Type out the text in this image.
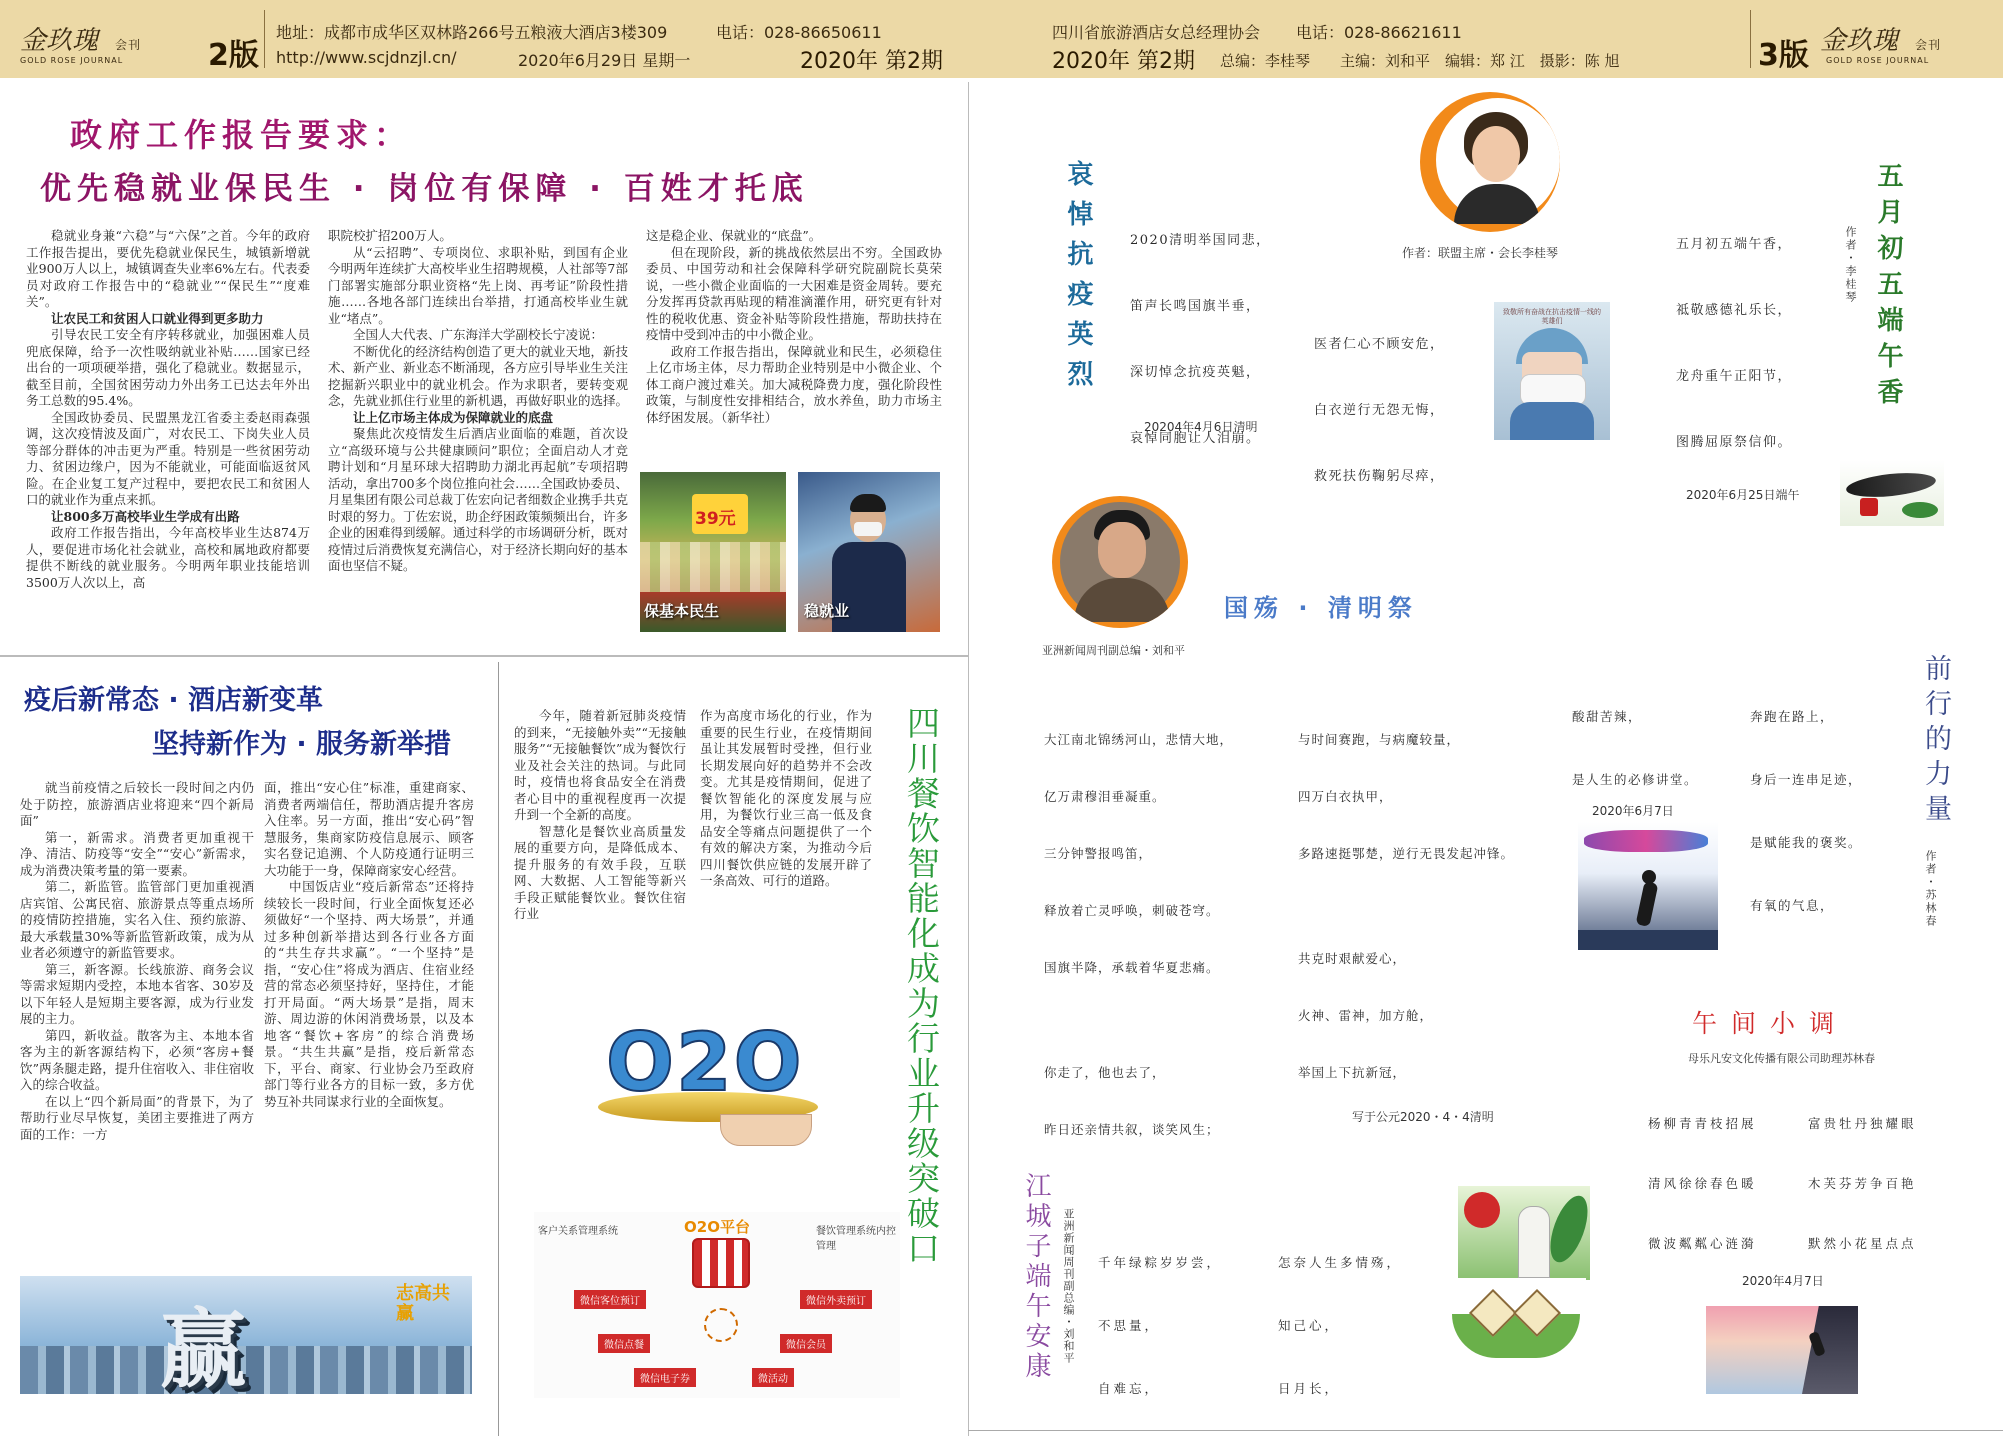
金玖瑰 会刊
GOLD ROSE JOURNAL	2版
地址：成都市成华区双林路266号五粮液大酒店3楼309	电话：028-86650611
http://www.scjdnzjl.cn/	2020年6月29日 星期一	2020年 第2期
四川省旅游酒店女总经理协会 电话：028-86621611
2020年 第2期 总编：李桂琴　　主编：刘和平　编辑：郑 江　摄影：陈 旭	3版 金玖瑰 会刊
GOLD ROSE JOURNAL
政府工作报告要求：
优先稳就业保民生 · 岗位有保障 · 百姓才托底

稳就业身兼“六稳”与“六保”之首。今年的政府工作报告提出，要优先稳就业保民生，城镇新增就业900万人以上，城镇调查失业率6%左右。代表委员对政府工作报告中的“稳就业”“保民生”“度难关”。

让农民工和贫困人口就业得到更多助力

引导农民工安全有序转移就业，加强困难人员兜底保障，给予一次性吸纳就业补贴……国家已经出台的一项项硬举措，强化了稳就业。数据显示，截至目前，全国贫困劳动力外出务工已达去年外出务工总数的95.4%。

全国政协委员、民盟黑龙江省委主委赵雨森强调，这次疫情波及面广，对农民工、下岗失业人员等部分群体的冲击更为严重。特别是一些贫困劳动力、贫困边缘户，因为不能就业，可能面临返贫风险。在企业复工复产过程中，要把农民工和贫困人口的就业作为重点来抓。

让800多万高校毕业生学成有出路

政府工作报告指出，今年高校毕业生达874万人，要促进市场化社会就业，高校和属地政府都要提供不断线的就业服务。今明两年职业技能培训3500万人次以上，高

职院校扩招200万人。

从“云招聘”、专项岗位、求职补贴，到国有企业今明两年连续扩大高校毕业生招聘规模，人社部等7部门部署实施部分职业资格“先上岗、再考证”阶段性措施……各地各部门连续出台举措，打通高校毕业生就业“堵点”。

全国人大代表、广东海洋大学副校长宁凌说：

不断优化的经济结构创造了更大的就业天地，新技术、新产业、新业态不断涌现，各方应引导毕业生关注挖掘新兴职业中的就业机会。作为求职者，要转变观念，先就业抓住行业里的新机遇，再做好职业的选择。

让上亿市场主体成为保障就业的底盘

聚焦此次疫情发生后酒店业面临的难题，首次设立“高级环境与公共健康顾问”职位；全面启动人才竞聘计划和“月星环球大招聘助力湖北再起航”专项招聘活动，拿出700多个岗位推向社会……全国政协委员、月星集团有限公司总裁丁佐宏向记者细数企业携手共克时艰的努力。丁佐宏说，助企纾困政策频频出台，许多企业的困难得到缓解。通过科学的市场调研分析，既对疫情过后消费恢复充满信心，对于经济长期向好的基本面也坚信不疑。

这是稳企业、保就业的“底盘”。

但在现阶段，新的挑战依然层出不穷。全国政协委员、中国劳动和社会保障科学研究院副院长莫荣说，一些小微企业面临的一大困难是资金周转。要充分发挥再贷款再贴现的精准滴灌作用，研究更有针对性的税收优惠、资金补贴等阶段性措施，帮助扶持在疫情中受到冲击的中小微企业。

政府工作报告指出，保障就业和民生，必须稳住上亿市场主体，尽力帮助企业特别是中小微企业、个体工商户渡过难关。加大减税降费力度，强化阶段性政策，与制度性安排相结合，放水养鱼，助力市场主体纾困发展。（新华社）

39元
保基本民生	稳就业
疫后新常态 · 酒店新变革
坚持新作为 · 服务新举措

就当前疫情之后较长一段时间之内仍处于防控，旅游酒店业将迎来“四个新局面”

第一，新需求。消费者更加重视干净、清洁、防疫等“安全”“安心”新需求，成为消费决策考量的第一要素。

第二，新监管。监管部门更加重视酒店宾馆、公寓民宿、旅游景点等重点场所的疫情防控措施，实名入住、预约旅游、最大承载量30%等新监管新政策，成为从业者必须遵守的新监管要求。

第三，新客源。长线旅游、商务会议等需求短期内受控，本地本省客、30岁及以下年轻人是短期主要客源，成为行业发展的主力。

第四，新收益。散客为主、本地本省客为主的新客源结构下，必须“客房+餐饮”两条腿走路，提升住宿收入、非住宿收入的综合收益。

在以上“四个新局面”的背景下，为了帮助行业尽早恢复，美团主要推进了两方面的工作：一方

面，推出“安心住”标准，重建商家、消费者两端信任，帮助酒店提升客房入住率。另一方面，推出“安心码”智慧服务，集商家防疫信息展示、顾客实名登记追溯、个人防疫通行证明三大功能于一身，保障商家安心经营。

中国饭店业“疫后新常态”还将持续较长一段时间，行业全面恢复还必须做好“一个坚持、两大场景”，并通过多种创新举措达到各行业各方面的“共生存共求赢”。“一个坚持”是指，“安心住”将成为酒店、住宿业经营的常态必须坚持好，坚持住，才能打开局面。“两大场景”是指，周末游、周边游的休闲消费场景，以及本地客“餐饮+客房”的综合消费场景。“共生共赢”是指，疫后新常态下，平台、商家、行业协会乃至政府部门等行业各方的目标一致，多方优势互补共同谋求行业的全面恢复。

赢
志高共赢

今年，随着新冠肺炎疫情的到来，“无接触外卖”“无接触服务”“无接触餐饮”成为餐饮行业及社会关注的热词。与此同时，疫情也将食品安全在消费者心目中的重视程度再一次提升到一个全新的高度。

智慧化是餐饮业高质量发展的重要方向，是降低成本、提升服务的有效手段，互联网、大数据、人工智能等新兴手段正赋能餐饮业。餐饮住宿行业

作为高度市场化的行业，作为重要的民生行业，在疫情期间虽让其发展暂时受挫，但行业长期发展向好的趋势并不会改变。尤其是疫情期间，促进了餐饮智能化的深度发展与应用，为餐饮行业三高一低及食品安全等痛点问题提供了一个有效的解决方案，为推动今后四川餐饮供应链的发展开辟了一条高效、可行的道路。	四川餐饮智能化成为行业升级突破口
O2O
O2O平台
客户关系管理系统	餐饮管理系统内控管理
微信客位预订	微信外卖预订
微信点餐	微信会员
微信电子券	微活动
哀悼抗疫英烈

	2020清明举国同悲，

笛声长鸣国旗半垂，

深切悼念抗疫英魁，

哀悼同胞让人泪崩。

20204年4月6日清明
作者：联盟主席・会长李桂琴

医者仁心不顾安危，

白衣逆行无怨无悔，

救死扶伤鞠躬尽瘁，

致敬所有奋战在抗击疫情一线的英雄们

五月初五端午香，

祗敬感德礼乐长，

龙舟重午正阳节，

图腾屈原祭信仰。

2020年6月25日端午
五月初五端午香
作者・李桂琴
亚洲新闻周刊副总编・刘和平
国殇 · 清明祭

大江南北锦绣河山，悲情大地，

亿万肃穆泪垂凝重。

三分钟警报鸣笛，

释放着亡灵呼唤，刺破苍穹。

国旗半降，承载着华夏悲痛。

你走了，他也去了，

昨日还亲情共叙，谈笑风生；

与时间赛跑，与病魔较量，

四万白衣执甲，

多路速挺鄂楚，逆行无畏发起冲锋。

共克时艰献爱心，

火神、雷神，加方舱，

举国上下抗新冠，

写于公元2020・4・4清明

酸甜苦辣，

是人生的必修讲堂。

2020年6月7日

奔跑在路上，

身后一连串足迹，

是赋能我的褒奖。

有氧的气息，

前行的力量
作者・苏林春
午间小调
母乐凡安文化传播有限公司助理苏林春

杨柳青青枝招展

清风徐徐春色暖

微波粼粼心涟漪

富贵牡丹独耀眼

木芙芬芳争百艳

默然小花星点点

2020年4月7日
江城子端午安康	亚洲新闻周刊副总编・刘和平

千年绿粽岁岁尝，

不思量，

自难忘，

怎奈人生多情殇，

知己心，

日月长，
